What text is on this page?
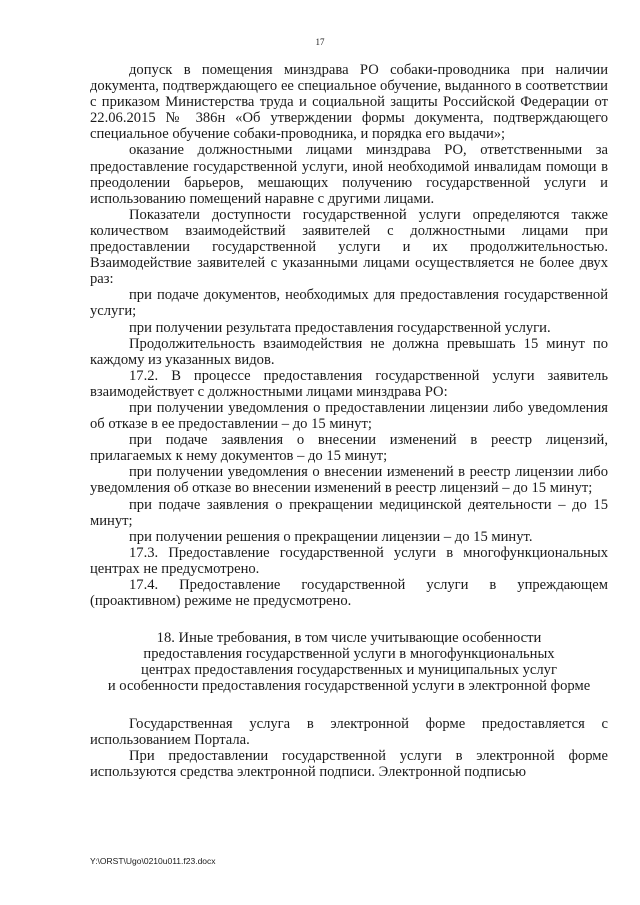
17

допуск в помещения минздрава РО собаки-проводника при наличии документа, подтверждающего ее специальное обучение, выданного в соответствии с приказом Министерства труда и социальной защиты Российской Федерации от 22.06.2015 № 386н «Об утверждении формы документа, подтверждающего специальное обучение собаки-проводника, и порядка его выдачи»;

оказание должностными лицами минздрава РО, ответственными за предоставление государственной услуги, иной необходимой инвалидам помощи в преодолении барьеров, мешающих получению государственной услуги и использованию помещений наравне с другими лицами.

Показатели доступности государственной услуги определяются также количеством взаимодействий заявителей с должностными лицами при предоставлении государственной услуги и их продолжительностью. Взаимодействие заявителей с указанными лицами осуществляется не более двух раз:

при подаче документов, необходимых для предоставления государственной услуги;

при получении результата предоставления государственной услуги.

Продолжительность взаимодействия не должна превышать 15 минут по каждому из указанных видов.

17.2. В процессе предоставления государственной услуги заявитель взаимодействует с должностными лицами минздрава РО:

при получении уведомления о предоставлении лицензии либо уведомления об отказе в ее предоставлении – до 15 минут;

при подаче заявления о внесении изменений в реестр лицензий, прилагаемых к нему документов – до 15 минут;

при получении уведомления о внесении изменений в реестр лицензии либо уведомления об отказе во внесении изменений в реестр лицензий – до 15 минут;

при подаче заявления о прекращении медицинской деятельности – до 15 минут;

при получении решения о прекращении лицензии – до 15 минут.

17.3. Предоставление государственной услуги в многофункциональных центрах не предусмотрено.

17.4. Предоставление государственной услуги в упреждающем (проактивном) режиме не предусмотрено.

18. Иные требования, в том числе учитывающие особенности
предоставления государственной услуги в многофункциональных
центрах предоставления государственных и муниципальных услуг
и особенности предоставления государственной услуги в электронной форме

Государственная услуга в электронной форме предоставляется с использованием Портала.

При предоставлении государственной услуги в электронной форме используются средства электронной подписи. Электронной подписью

Y:\ORST\Ugo\0210u011.f23.docx
